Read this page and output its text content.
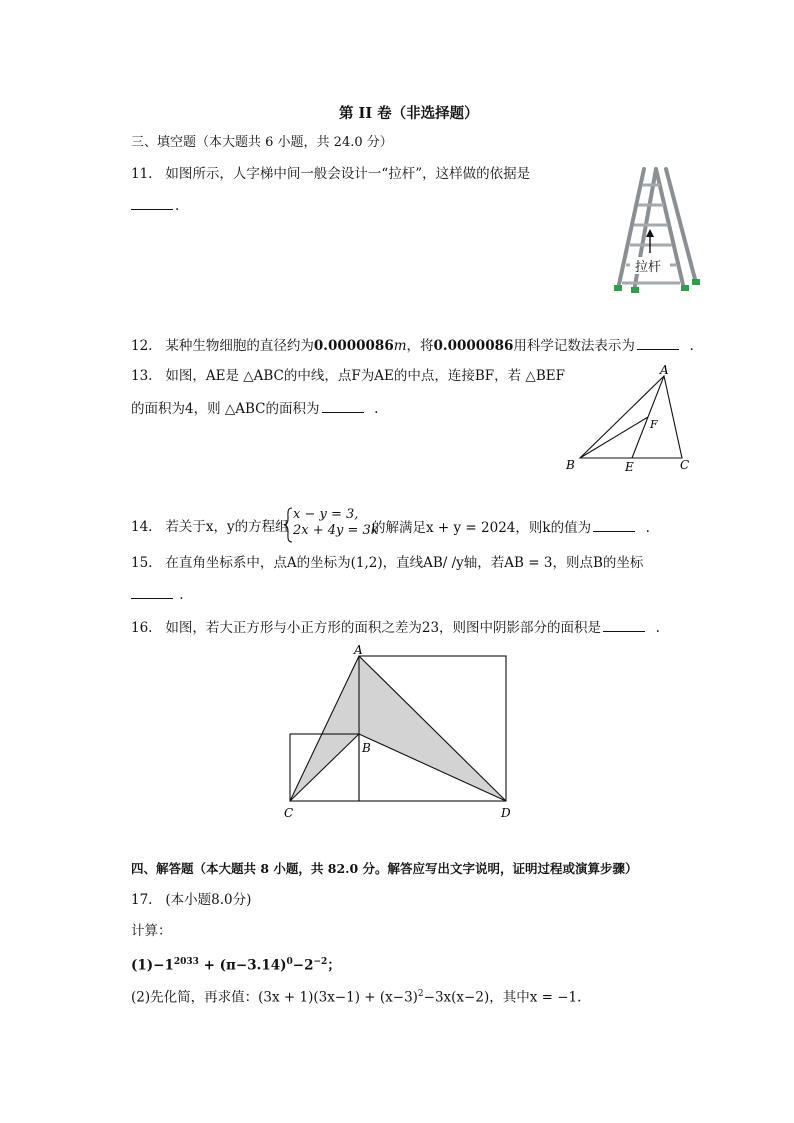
第 II 卷（非选择题）
三、填空题（本大题共 6 小题，共 24.0 分）
11. 如图所示，人字梯中间一般会设计一“拉杆”，这样做的依据是
.
拉杆
12. 某种生物细胞的直径约为0.0000086m，将0.0000086用科学记数法表示为	.
13. 如图，AE是 △ABC的中线，点F为AE的中点，连接BF，若 △BEF
的面积为4，则 △ABC的面积为	.
A
B	C
E
F
14. 若关于x，y的方程组
x − y = 3,
2x + 4y = 3k
的解满足x + y = 2024，则k的值为	.
15. 在直角坐标系中，点A的坐标为(1,2)，直线AB/ /y轴，若AB = 3，则点B的坐标
.
16. 如图，若大正方形与小正方形的面积之差为23，则图中阴影部分的面积是	.
A
B
C	D
四、解答题（本大题共 8 小题，共 82.0 分。解答应写出文字说明，证明过程或演算步骤）
17. (本小题8.0分)
计算：
$(1)-1^{2033} + (\pi-3.14)^0-2^{-2}$；
(2)先化简，再求值：$(3x + 1)(3x-1) + (x-3)^2-3x(x-2)$，其中x = −1.
